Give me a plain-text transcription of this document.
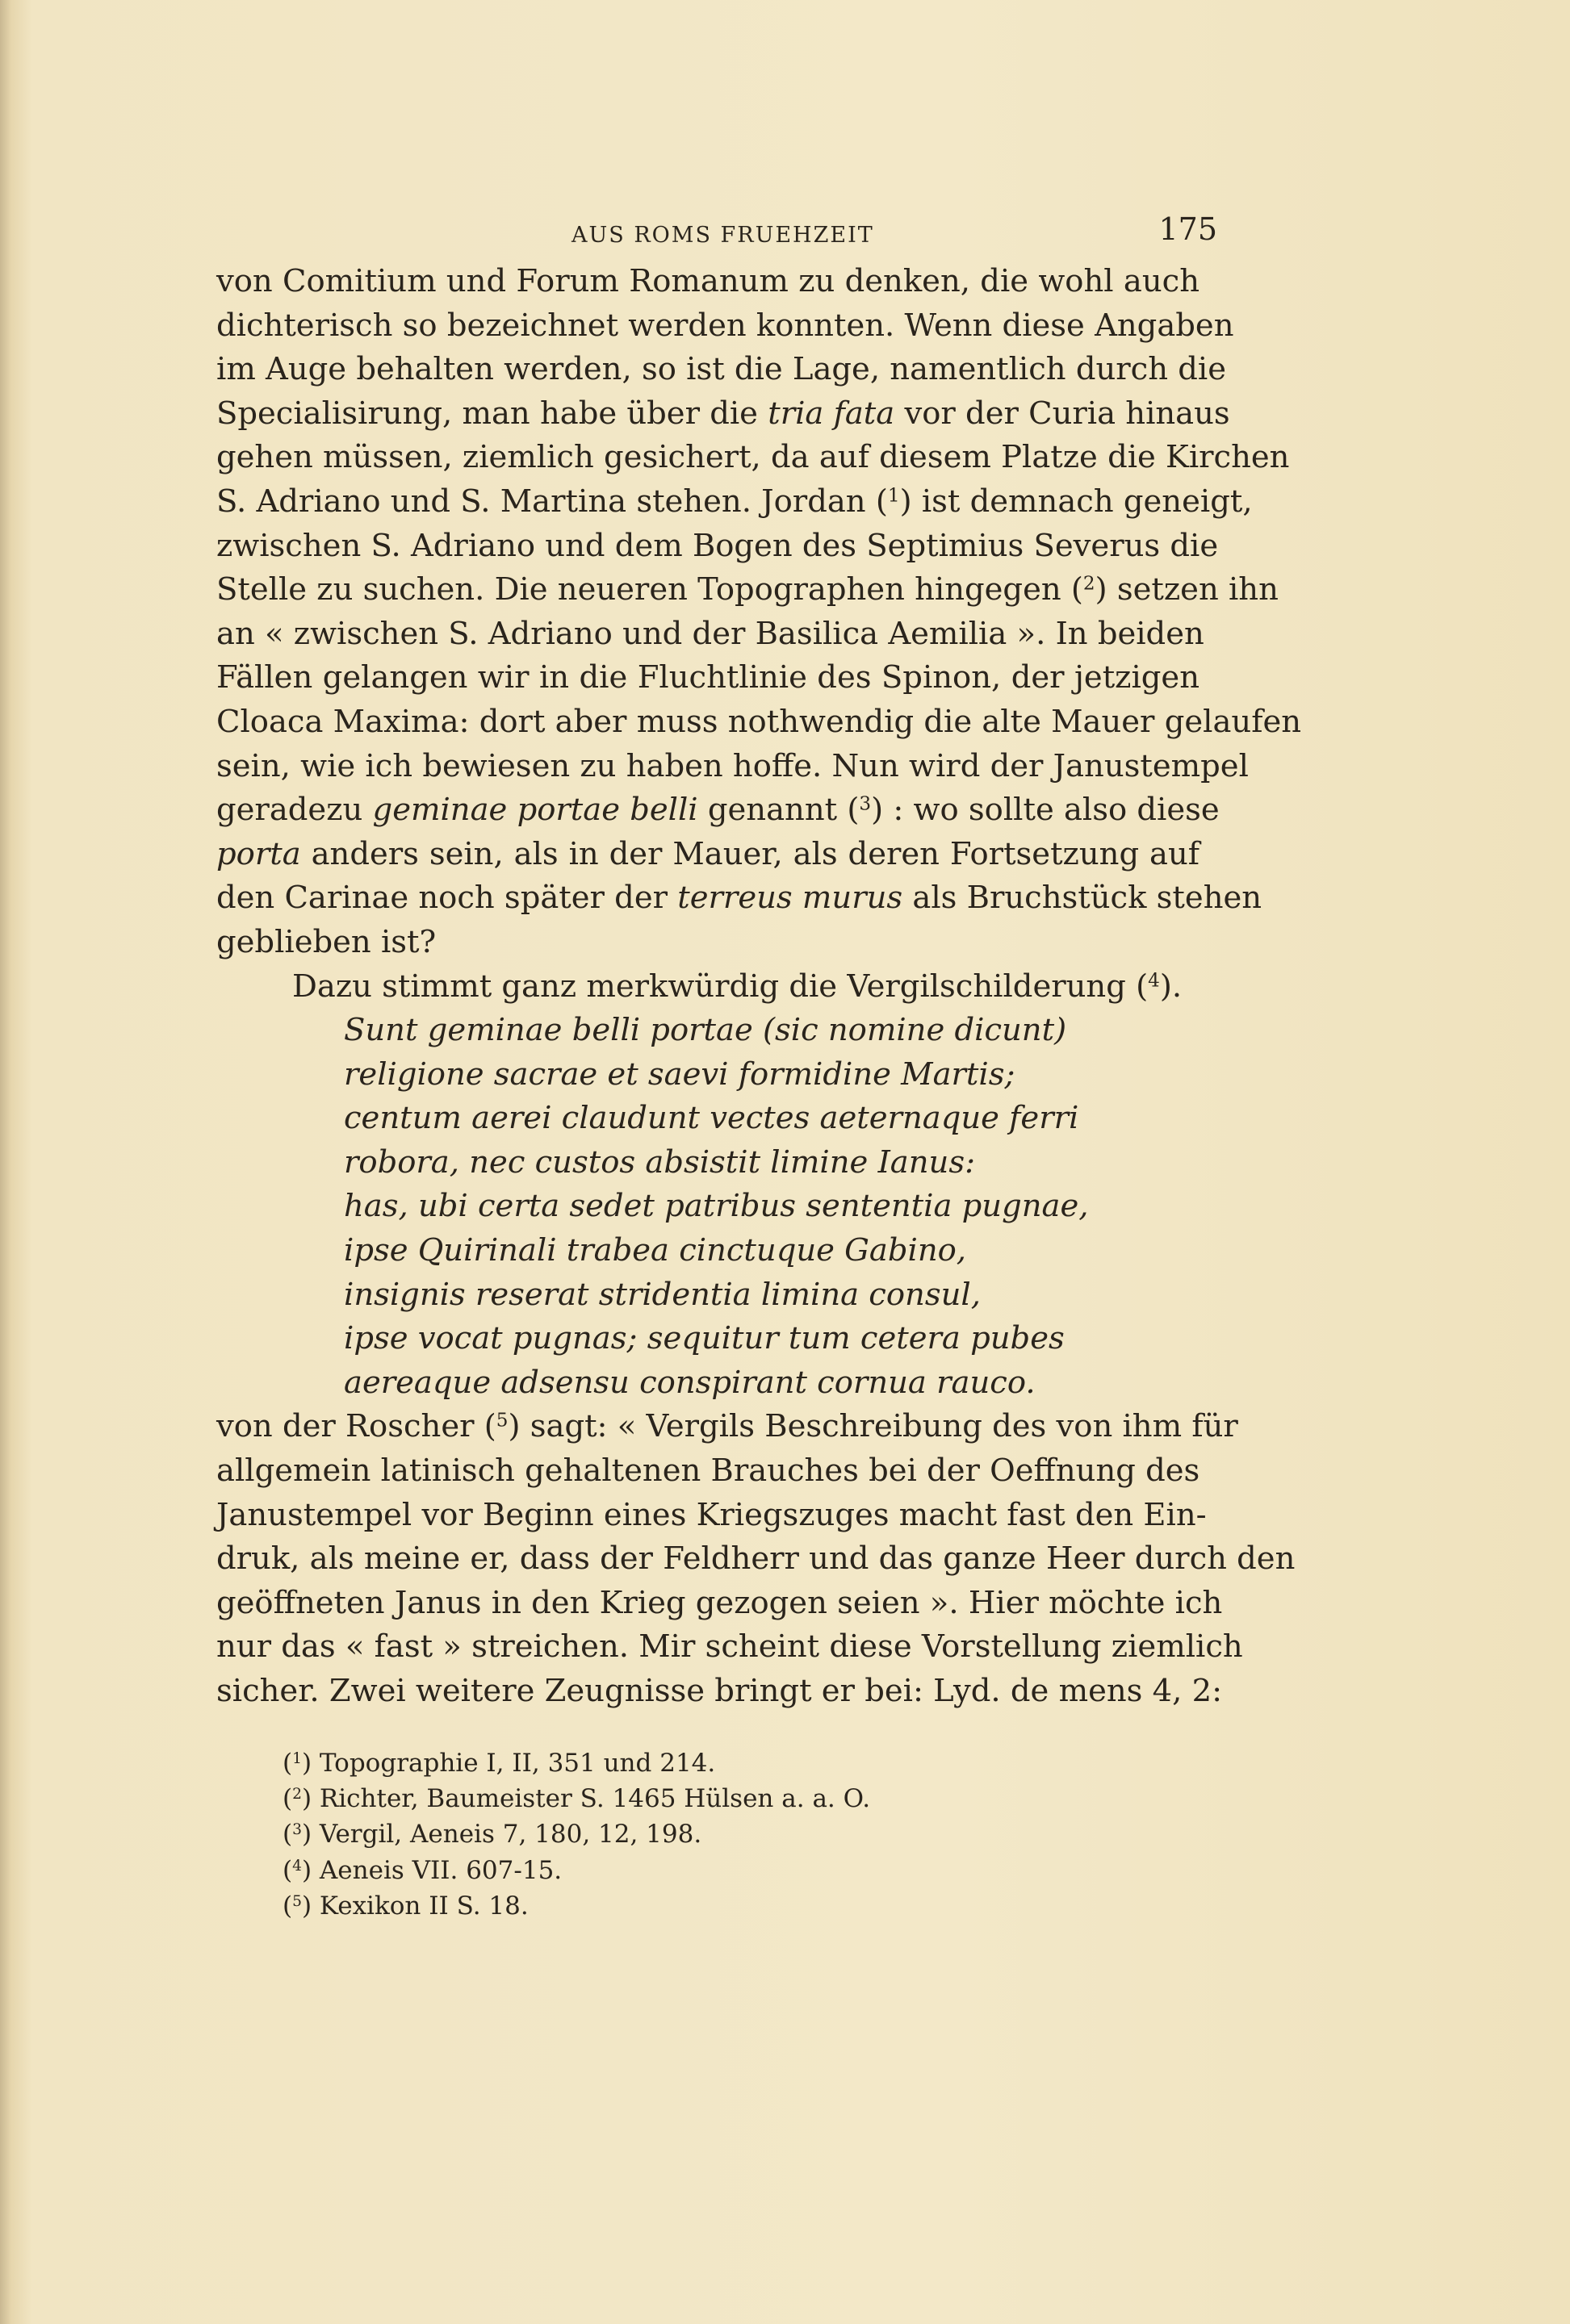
AUS ROMS FRUEHZEIT	175
von Comitium und Forum Romanum zu denken, die wohl auch
dichterisch so bezeichnet werden konnten. Wenn diese Angaben
im Auge behalten werden, so ist die Lage, namentlich durch die
Specialisirung, man habe über die tria fata vor der Curia hinaus
gehen müssen, ziemlich gesichert, da auf diesem Platze die Kirchen
S. Adriano und S. Martina stehen. Jordan ($^1$) ist demnach geneigt,
zwischen S. Adriano und dem Bogen des Septimius Severus die
Stelle zu suchen. Die neueren Topographen hingegen ($^2$) setzen ihn
an « zwischen S. Adriano und der Basilica Aemilia ». In beiden
Fällen gelangen wir in die Fluchtlinie des Spinon, der jetzigen
Cloaca Maxima: dort aber muss nothwendig die alte Mauer gelaufen
sein, wie ich bewiesen zu haben hoffe. Nun wird der Janustempel
geradezu geminae portae belli genannt ($^3$) : wo sollte also diese
porta anders sein, als in der Mauer, als deren Fortsetzung auf
den Carinae noch später der terreus murus als Bruchstück stehen
geblieben ist?
Dazu stimmt ganz merkwürdig die Vergilschilderung ($^4$).
Sunt geminae belli portae (sic nomine dicunt)
religione sacrae et saevi formidine Martis;
centum aerei claudunt vectes aeternaque ferri
robora, nec custos absistit limine Ianus:
has, ubi certa sedet patribus sententia pugnae,
ipse Quirinali trabea cinctuque Gabino,
insignis reserat stridentia limina consul,
ipse vocat pugnas; sequitur tum cetera pubes
aereaque adsensu conspirant cornua rauco.
von der Roscher ($^5$) sagt: « Vergils Beschreibung des von ihm für
allgemein latinisch gehaltenen Brauches bei der Oeffnung des
Janustempel vor Beginn eines Kriegszuges macht fast den Ein-
druk, als meine er, dass der Feldherr und das ganze Heer durch den
geöffneten Janus in den Krieg gezogen seien ». Hier möchte ich
nur das « fast » streichen. Mir scheint diese Vorstellung ziemlich
sicher. Zwei weitere Zeugnisse bringt er bei: Lyd. de mens 4, 2:
($^1$) Topographie I, II, 351 und 214.
($^2$) Richter, Baumeister S. 1465 Hülsen a. a. O.
($^3$) Vergil, Aeneis 7, 180, 12, 198.
($^4$) Aeneis VII. 607-15.
($^5$) Kexikon II S. 18.
